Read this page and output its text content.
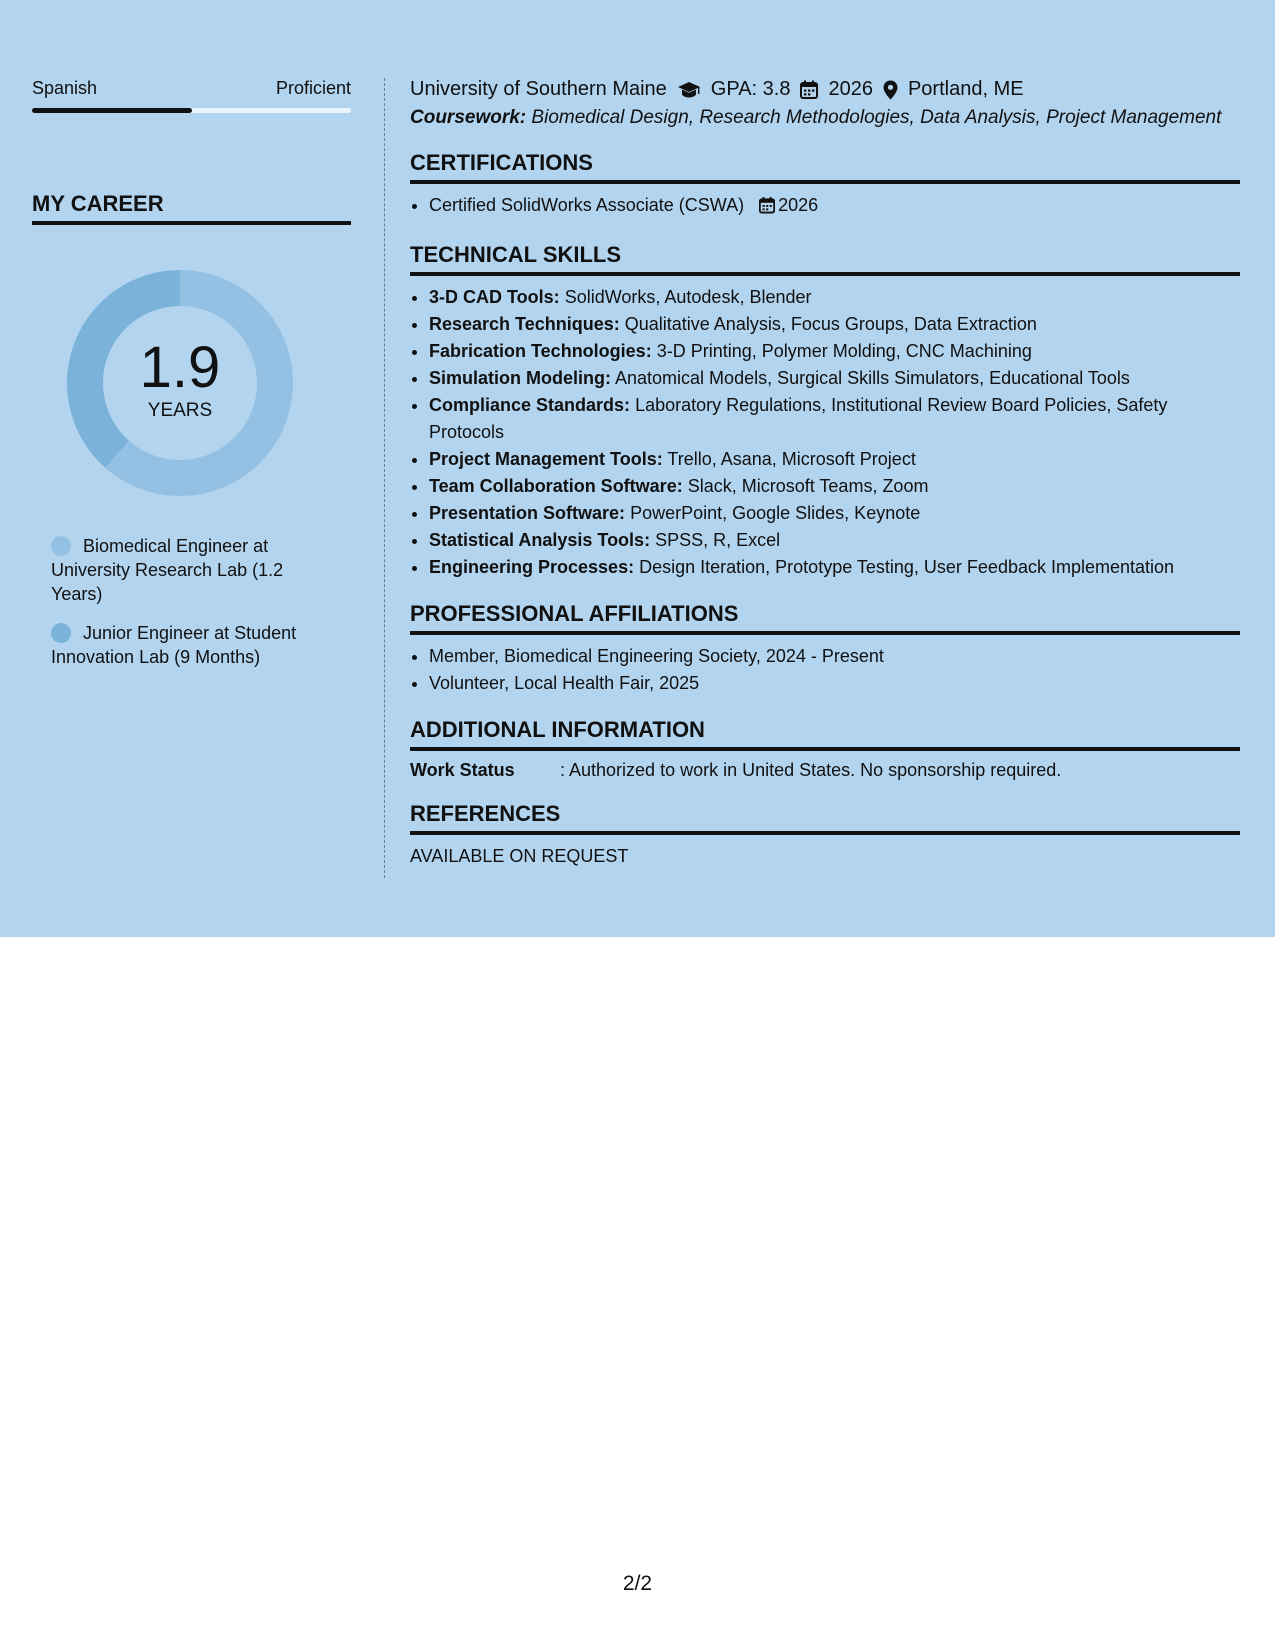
Spanish	Proficient
MY CAREER
1.9
YEARS
Biomedical Engineer at University Research Lab (1.2 Years)
Junior Engineer at Student Innovation Lab (9 Months)
University of Southern Maine GPA: 3.8 2026 Portland, ME
Coursework: Biomedical Design, Research Methodologies, Data Analysis, Project Management
CERTIFICATIONS
• Certified SolidWorks Associate (CSWA) 2026
TECHNICAL SKILLS
• 3-D CAD Tools: SolidWorks, Autodesk, Blender
• Research Techniques: Qualitative Analysis, Focus Groups, Data Extraction
• Fabrication Technologies: 3-D Printing, Polymer Molding, CNC Machining
• Simulation Modeling: Anatomical Models, Surgical Skills Simulators, Educational Tools
• Compliance Standards: Laboratory Regulations, Institutional Review Board Policies, Safety Protocols
• Project Management Tools: Trello, Asana, Microsoft Project
• Team Collaboration Software: Slack, Microsoft Teams, Zoom
• Presentation Software: PowerPoint, Google Slides, Keynote
• Statistical Analysis Tools: SPSS, R, Excel
• Engineering Processes: Design Iteration, Prototype Testing, User Feedback Implementation
PROFESSIONAL AFFILIATIONS
• Member, Biomedical Engineering Society, 2024 - Present
• Volunteer, Local Health Fair, 2025
ADDITIONAL INFORMATION
Work Status	: Authorized to work in United States. No sponsorship required.
REFERENCES
AVAILABLE ON REQUEST
2/2
